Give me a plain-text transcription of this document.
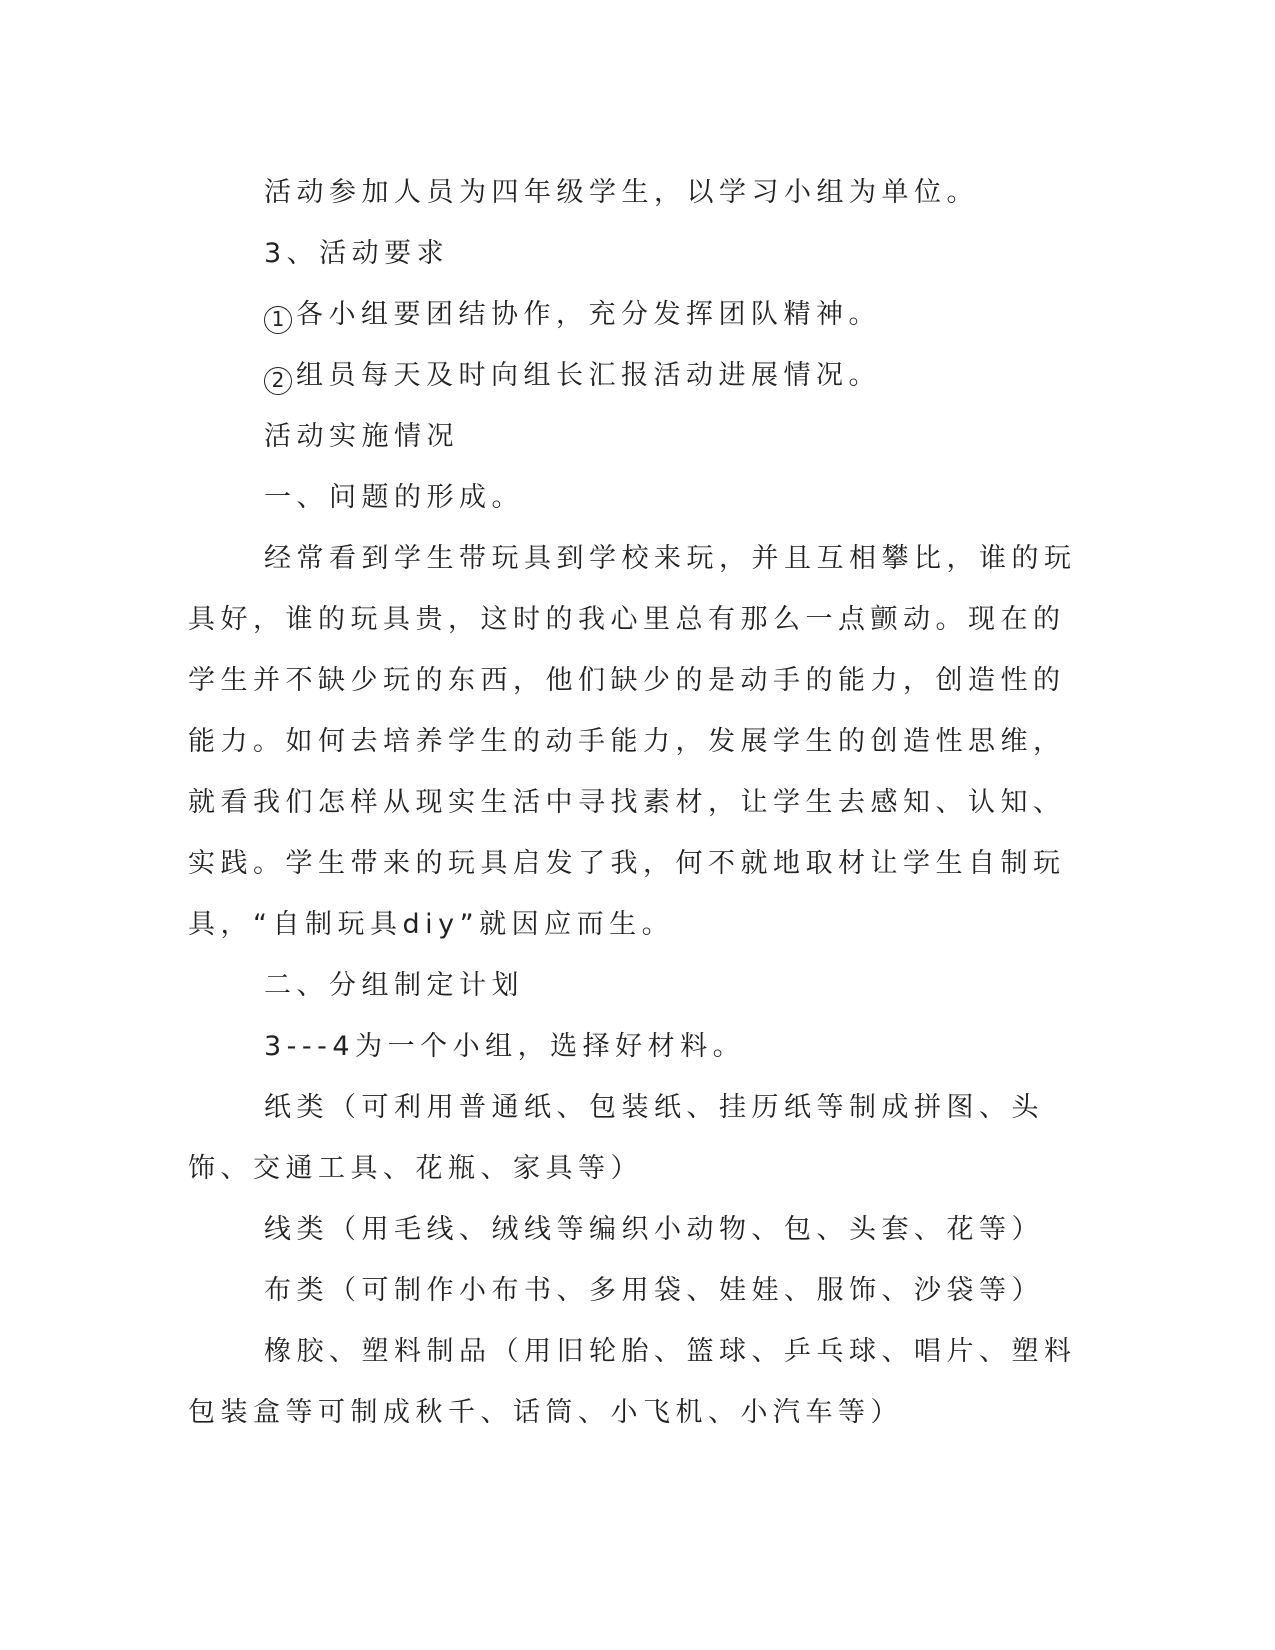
活动参加人员为四年级学生，以学习小组为单位。

3、活动要求

1 各小组要团结协作，充分发挥团队精神。

2 组员每天及时向组长汇报活动进展情况。

活动实施情况

一、问题的形成。

经常看到学生带玩具到学校来玩，并且互相攀比，谁的玩具好，谁的玩具贵，这时的我心里总有那么一点颤动。现在的学生并不缺少玩的东西，他们缺少的是动手的能力，创造性的能力。如何去培养学生的动手能力，发展学生的创造性思维，就看我们怎样从现实生活中寻找素材，让学生去感知、认知、实践。学生带来的玩具启发了我，何不就地取材让学生自制玩具，“自制玩具diy”就因应而生。

二、分组制定计划

3---4为一个小组，选择好材料。

纸类（可利用普通纸、包装纸、挂历纸等制成拼图、头饰、交通工具、花瓶、家具等）

线类（用毛线、绒线等编织小动物、包、头套、花等）

布类（可制作小布书、多用袋、娃娃、服饰、沙袋等）

橡胶、塑料制品（用旧轮胎、篮球、乒乓球、唱片、塑料包装盒等可制成秋千、话筒、小飞机、小汽车等）
